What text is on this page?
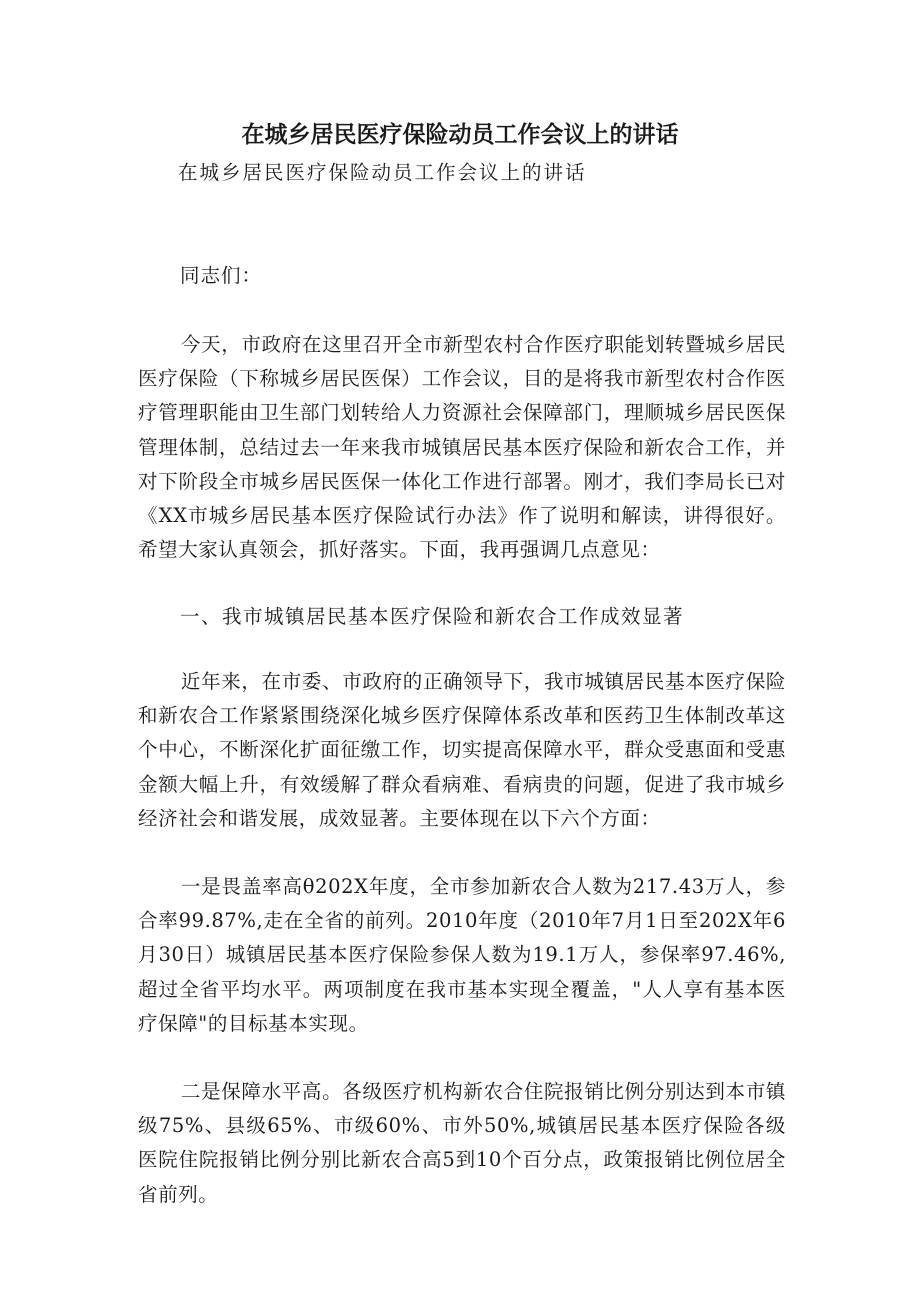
在城乡居民医疗保险动员工作会议上的讲话

在城乡居民医疗保险动员工作会议上的讲话

同志们：

今天，市政府在这里召开全市新型农村合作医疗职能划转暨城乡居民医疗保险（下称城乡居民医保）工作会议，目的是将我市新型农村合作医疗管理职能由卫生部门划转给人力资源社会保障部门，理顺城乡居民医保管理体制，总结过去一年来我市城镇居民基本医疗保险和新农合工作，并对下阶段全市城乡居民医保一体化工作进行部署。刚才，我们李局长已对《XX市城乡居民基本医疗保险试行办法》作了说明和解读，讲得很好。希望大家认真领会，抓好落实。下面，我再强调几点意见：

一、我市城镇居民基本医疗保险和新农合工作成效显著

近年来，在市委、市政府的正确领导下，我市城镇居民基本医疗保险和新农合工作紧紧围绕深化城乡医疗保障体系改革和医药卫生体制改革这个中心，不断深化扩面征缴工作，切实提高保障水平，群众受惠面和受惠金额大幅上升，有效缓解了群众看病难、看病贵的问题，促进了我市城乡经济社会和谐发展，成效显著。主要体现在以下六个方面：

一是畏盖率高θ202X年度，全市参加新农合人数为217.43万人，参合率99.87%,走在全省的前列。2010年度（2010年7月1日至202X年6月30日）城镇居民基本医疗保险参保人数为19.1万人，参保率97.46%,超过全省平均水平。两项制度在我市基本实现全覆盖，"人人享有基本医疗保障"的目标基本实现。

二是保障水平高。各级医疗机构新农合住院报销比例分别达到本市镇级75%、县级65%、市级60%、市外50%,城镇居民基本医疗保险各级医院住院报销比例分别比新农合高5到10个百分点，政策报销比例位居全省前列。
